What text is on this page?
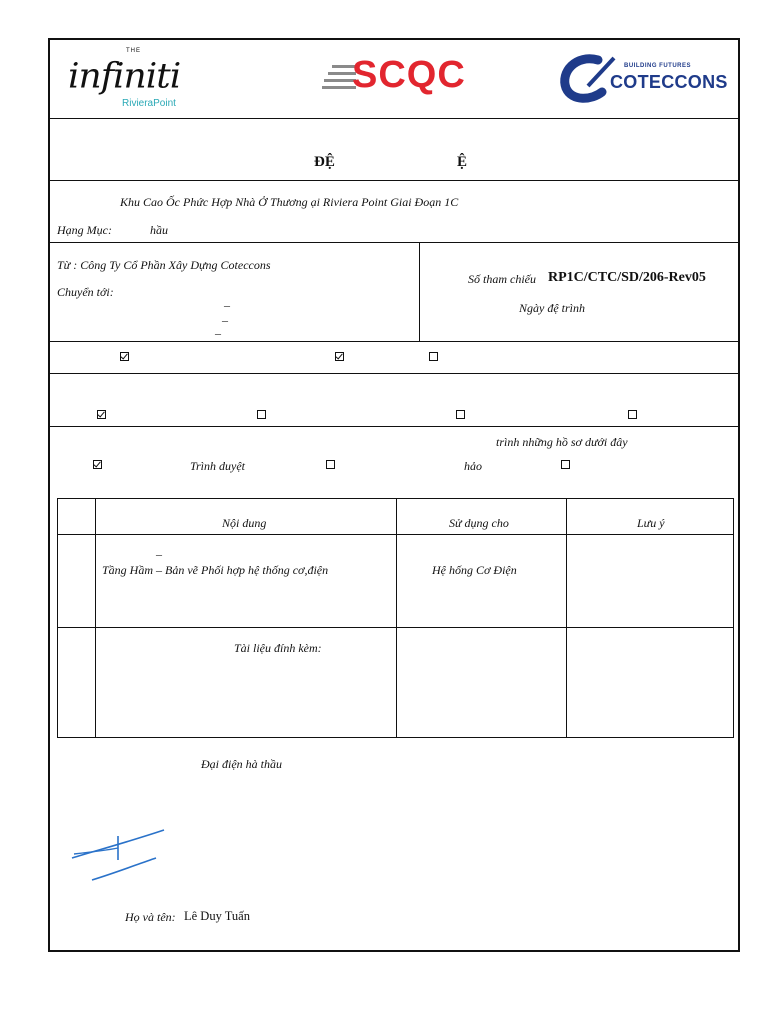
THE
infiniti
RivieraPoint
SCQC	BUILDING FUTURES
COTECCONS
ĐỆ	Ệ
Khu Cao Ốc Phức Hợp Nhà Ở Thương ại Riviera Point Giai Đoạn 1C
Hạng Mục:	hầu
Từ : Công Ty Cổ Phần Xây Dựng Coteccons
Chuyển tới:
–
–
–
Số tham chiếu RP1C/CTC/SD/206-Rev05
Ngày đệ trình
trình những hồ sơ dưới đây
Trình duyệt	hảo
Nội dung	Sử dụng cho	Lưu ý
–
Tầng Hầm – Bản vẽ Phối hợp hệ thống cơ,điện	Hệ hống Cơ Điện
Tài liệu đính kèm:
Đại điện hà thầu
Họ và tên: Lê Duy Tuấn
